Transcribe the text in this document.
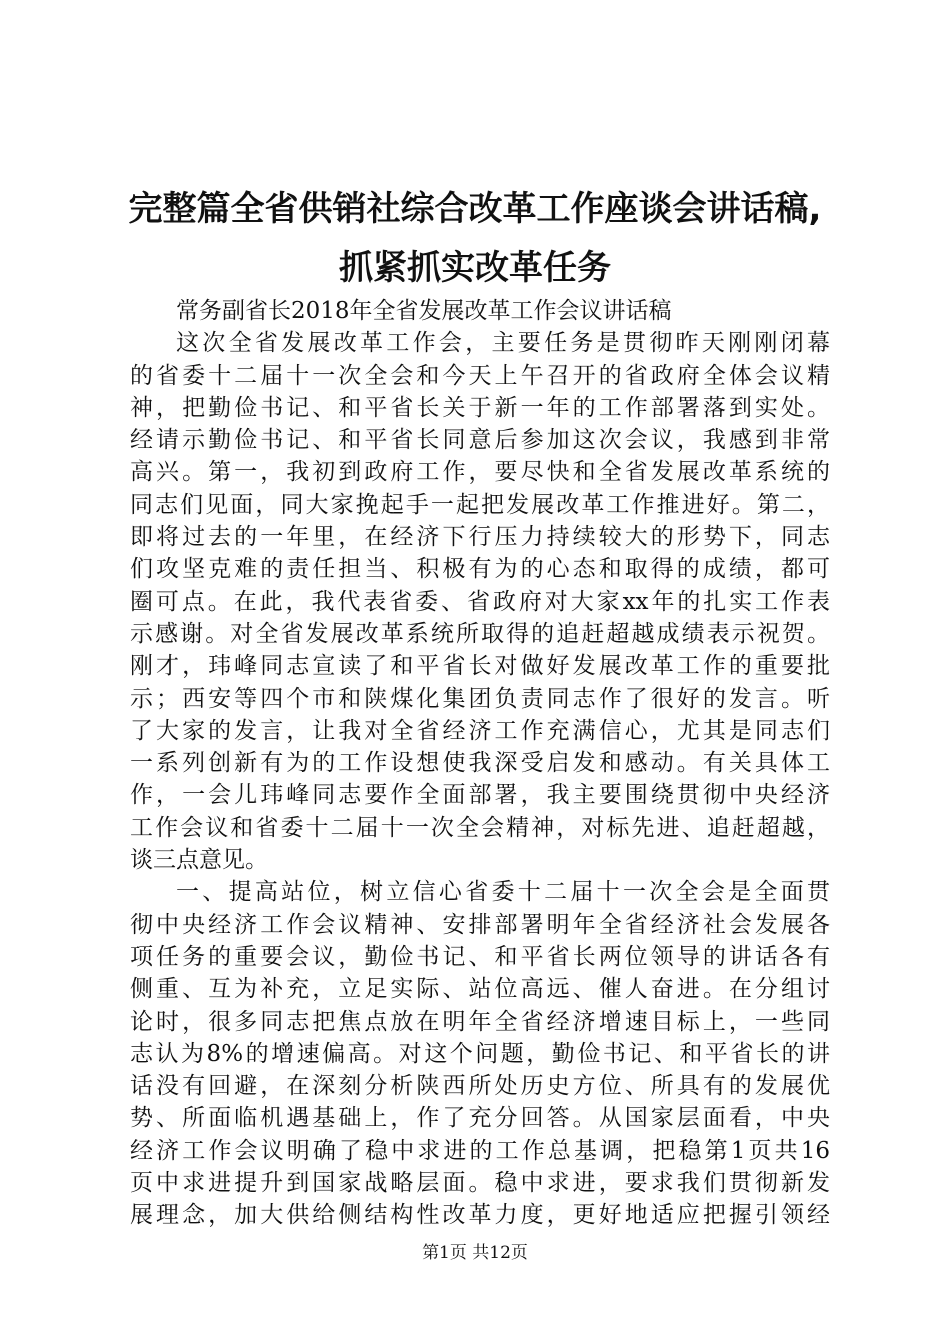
完整篇全省供销社综合改革工作座谈会讲话稿,
抓紧抓实改革任务
常务副省长2018年全省发展改革工作会议讲话稿
这次全省发展改革工作会，主要任务是贯彻昨天刚刚闭幕
的省委十二届十一次全会和今天上午召开的省政府全体会议精
神，把勤俭书记、和平省长关于新一年的工作部署落到实处。
经请示勤俭书记、和平省长同意后参加这次会议，我感到非常
高兴。第一，我初到政府工作，要尽快和全省发展改革系统的
同志们见面，同大家挽起手一起把发展改革工作推进好。第二，
即将过去的一年里，在经济下行压力持续较大的形势下，同志
们攻坚克难的责任担当、积极有为的心态和取得的成绩，都可
圈可点。在此，我代表省委、省政府对大家xx年的扎实工作表
示感谢。对全省发展改革系统所取得的追赶超越成绩表示祝贺。
刚才，玮峰同志宣读了和平省长对做好发展改革工作的重要批
示；西安等四个市和陕煤化集团负责同志作了很好的发言。听
了大家的发言，让我对全省经济工作充满信心，尤其是同志们
一系列创新有为的工作设想使我深受启发和感动。有关具体工
作，一会儿玮峰同志要作全面部署，我主要围绕贯彻中央经济
工作会议和省委十二届十一次全会精神，对标先进、追赶超越，
谈三点意见。
一、提高站位，树立信心省委十二届十一次全会是全面贯
彻中央经济工作会议精神、安排部署明年全省经济社会发展各
项任务的重要会议，勤俭书记、和平省长两位领导的讲话各有
侧重、互为补充，立足实际、站位高远、催人奋进。在分组讨
论时，很多同志把焦点放在明年全省经济增速目标上，一些同
志认为8%的增速偏高。对这个问题，勤俭书记、和平省长的讲
话没有回避，在深刻分析陕西所处历史方位、所具有的发展优
势、所面临机遇基础上，作了充分回答。从国家层面看，中央
经济工作会议明确了稳中求进的工作总基调，把稳第1页共16
页中求进提升到国家战略层面。稳中求进，要求我们贯彻新发
展理念，加大供给侧结构性改革力度，更好地适应把握引领经
第1页 共12页
